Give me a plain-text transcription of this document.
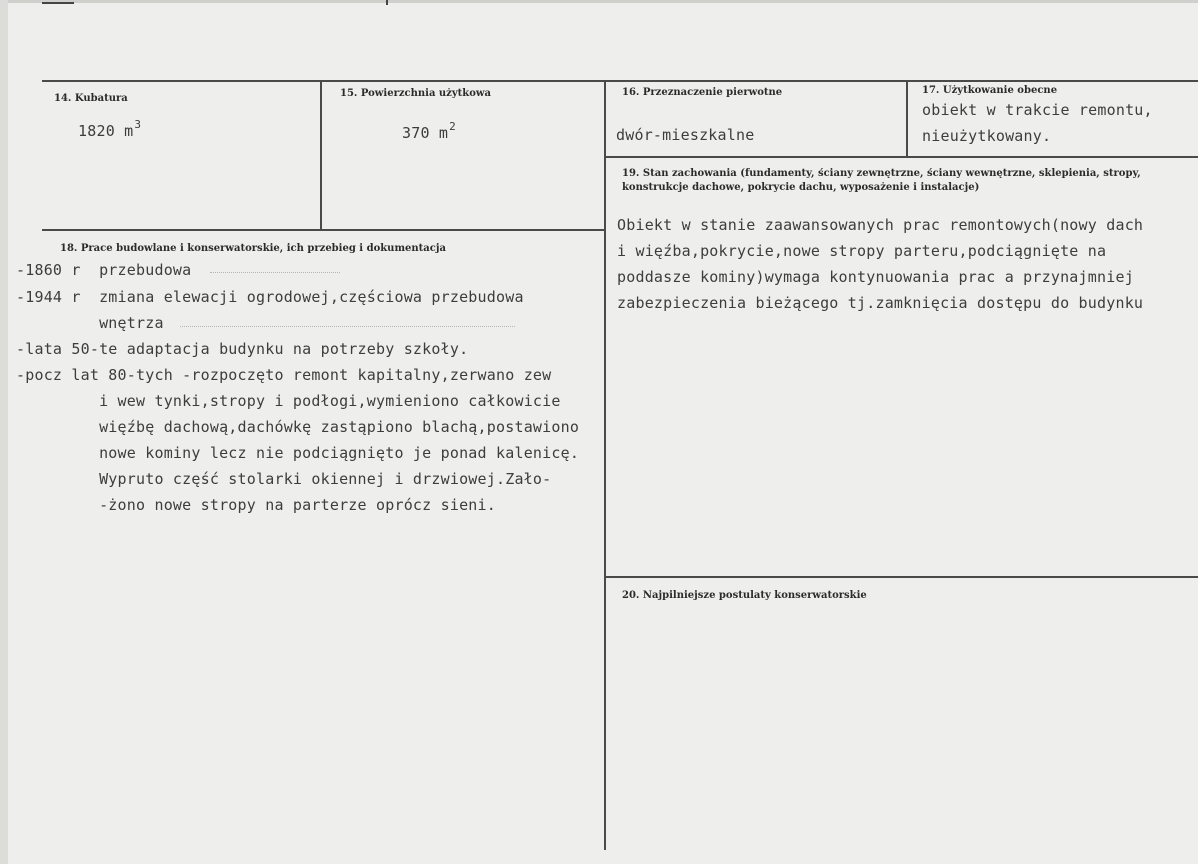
14. Kubatura
1820 $m^3$
15. Powierzchnia użytkowa
370 $m^2$
16. Przeznaczenie pierwotne
dwór-mieszkalne
17. Użytkowanie obecne
obiekt w trakcie remontu,
nieużytkowany.
19. Stan zachowania (fundamenty, ściany zewnętrzne, ściany wewnętrzne, sklepienia, stropy, konstrukcje dachowe, pokrycie dachu, wyposażenie i instalacje)
Obiekt w stanie zaawansowanych prac remontowych(nowy dach
i więźba,pokrycie,nowe stropy parteru,podciągnięte na
poddasze kominy)wymaga kontynuowania prac a przynajmniej
zabezpieczenia bieżącego tj.zamknięcia dostępu do budynku
18. Prace budowlane i konserwatorskie, ich przebieg i dokumentacja
-1860 r  przebudowa
-1944 r  zmiana elewacji ogrodowej,częściowa przebudowa
wnętrza
-lata 50-te adaptacja budynku na potrzeby szkoły.
-pocz lat 80-tych -rozpoczęto remont kapitalny,zerwano zew
i wew tynki,stropy i podłogi,wymieniono całkowicie
więźbę dachową,dachówkę zastąpiono blachą,postawiono
nowe kominy lecz nie podciągnięto je ponad kalenicę.
Wypruto część stolarki okiennej i drzwiowej.Zało-
-żono nowe stropy na parterze oprócz sieni.
20. Najpilniejsze postulaty konserwatorskie
